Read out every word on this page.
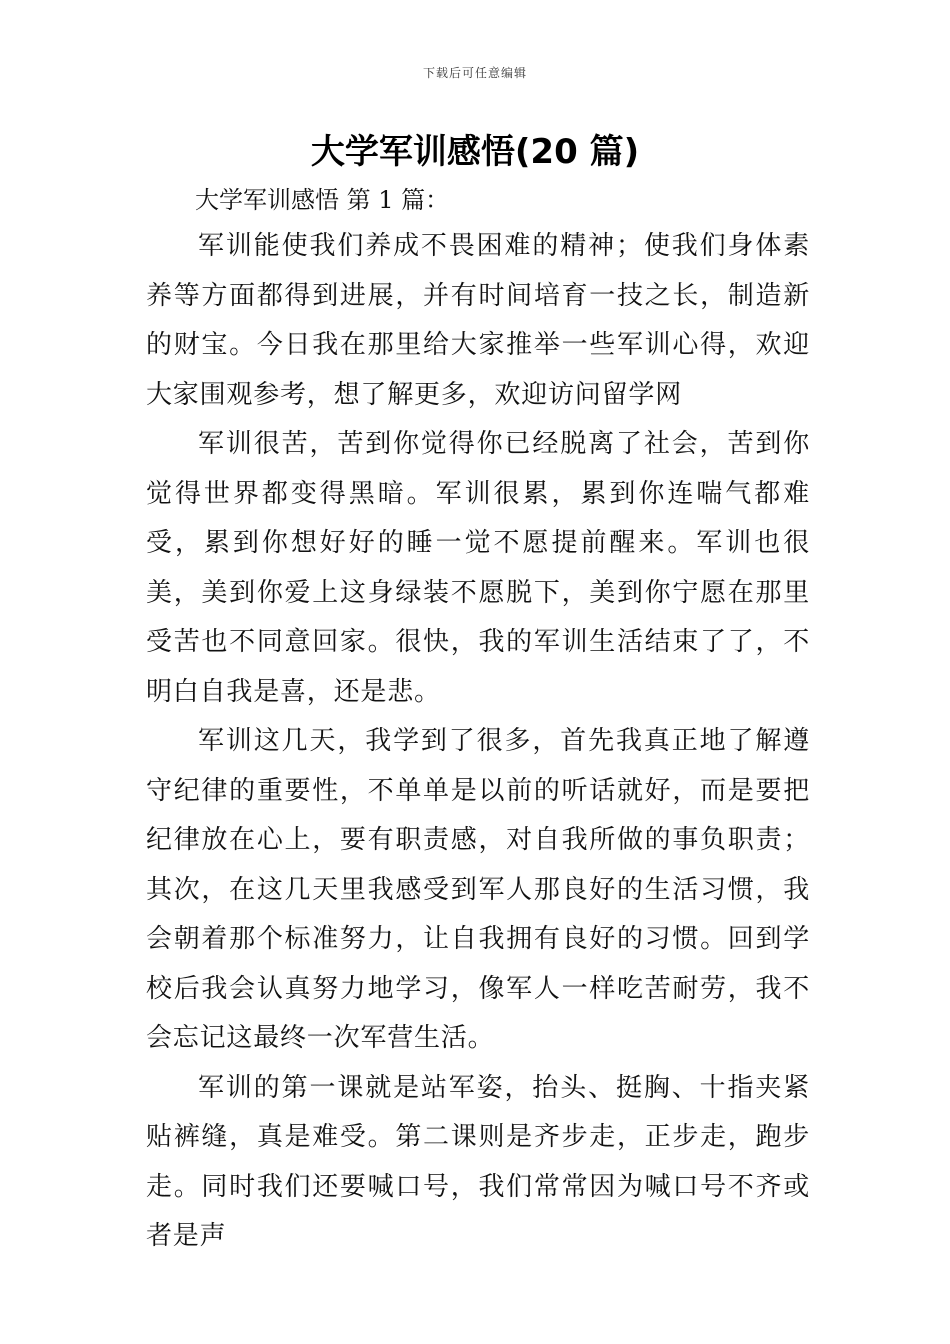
下载后可任意编辑
大学军训感悟(20 篇)
大学军训感悟 第 1 篇：

军训能使我们养成不畏困难的精神；使我们身体素养等方面都得到进展，并有时间培育一技之长，制造新的财宝。今日我在那里给大家推举一些军训心得，欢迎大家围观参考，想了解更多，欢迎访问留学网

军训很苦，苦到你觉得你已经脱离了社会，苦到你觉得世界都变得黑暗。军训很累，累到你连喘气都难受，累到你想好好的睡一觉不愿提前醒来。军训也很美，美到你爱上这身绿装不愿脱下，美到你宁愿在那里受苦也不同意回家。很快，我的军训生活结束了了，不明白自我是喜，还是悲。

军训这几天，我学到了很多，首先我真正地了解遵守纪律的重要性，不单单是以前的听话就好，而是要把纪律放在心上，要有职责感，对自我所做的事负职责；其次，在这几天里我感受到军人那良好的生活习惯，我会朝着那个标准努力，让自我拥有良好的习惯。回到学校后我会认真努力地学习，像军人一样吃苦耐劳，我不会忘记这最终一次军营生活。

军训的第一课就是站军姿，抬头、挺胸、十指夹紧贴裤缝，真是难受。第二课则是齐步走，正步走，跑步走。同时我们还要喊口号，我们常常因为喊口号不齐或者是声
